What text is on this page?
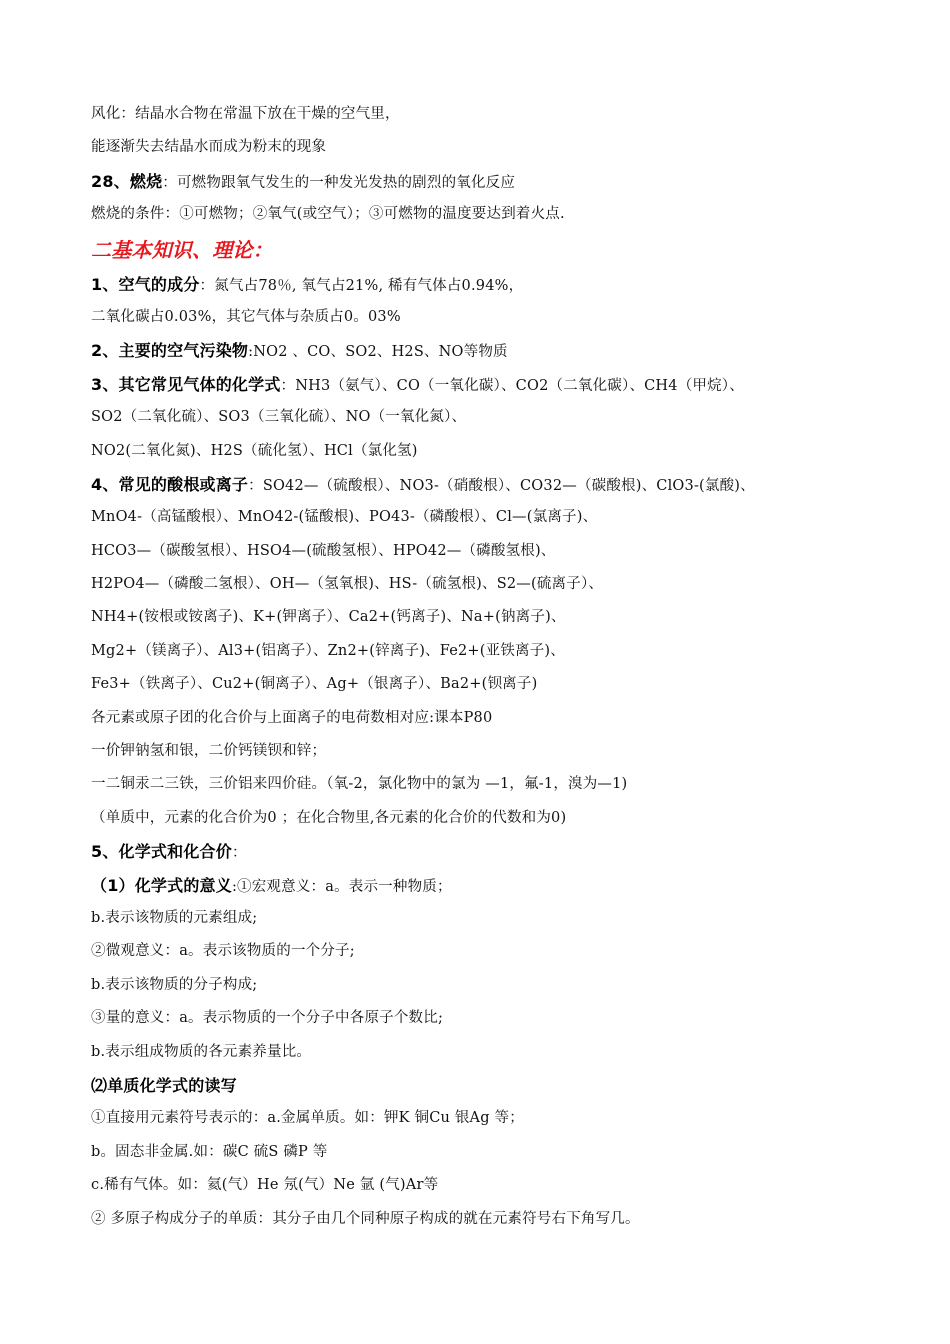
风化：结晶水合物在常温下放在干燥的空气里，
能逐渐失去结晶水而成为粉末的现象
28、燃烧：可燃物跟氧气发生的一种发光发热的剧烈的氧化反应
燃烧的条件：①可燃物；②氧气(或空气）；③可燃物的温度要达到着火点.
二基本知识、理论：
1、空气的成分：氮气占78％, 氧气占21%, 稀有气体占0.94%，
二氧化碳占0.03%，其它气体与杂质占0。03%
2、主要的空气污染物:NO2 、CO、SO2、H2S、NO等物质
3、其它常见气体的化学式：NH3（氨气）、CO（一氧化碳）、CO2（二氧化碳）、CH4（甲烷）、
SO2（二氧化硫）、SO3（三氧化硫）、NO（一氧化氮）、
NO2(二氧化氮)、H2S（硫化氢）、HCl（氯化氢)
4、常见的酸根或离子：SO42—（硫酸根）、NO3-（硝酸根）、CO32—（碳酸根)、ClO3-(氯酸)、
MnO4-（高锰酸根）、MnO42-(锰酸根)、PO43-（磷酸根）、Cl—(氯离子)、
HCO3—（碳酸氢根）、HSO4—(硫酸氢根）、HPO42—（磷酸氢根)、
H2PO4—（磷酸二氢根）、OH—（氢氧根)、HS-（硫氢根)、S2—(硫离子）、
NH4+(铵根或铵离子)、K+(钾离子）、Ca2+(钙离子)、Na+(钠离子)、
Mg2+（镁离子）、Al3+(铝离子）、Zn2+(锌离子)、Fe2+(亚铁离子)、
Fe3+（铁离子）、Cu2+(铜离子）、Ag+（银离子）、Ba2+(钡离子)
各元素或原子团的化合价与上面离子的电荷数相对应:课本P80
一价钾钠氢和银，二价钙镁钡和锌；
一二铜汞二三铁，三价铝来四价硅。（氧-2，氯化物中的氯为 —1，氟-1，溴为—1)
（单质中，元素的化合价为0 ；在化合物里,各元素的化合价的代数和为0)
5、化学式和化合价：
（1）化学式的意义:①宏观意义：a。表示一种物质；
b.表示该物质的元素组成;
②微观意义：a。表示该物质的一个分子;
b.表示该物质的分子构成;
③量的意义：a。表示物质的一个分子中各原子个数比;
b.表示组成物质的各元素养量比。
⑵单质化学式的读写
①直接用元素符号表示的：a.金属单质。如：钾K 铜Cu 银Ag 等；
b。固态非金属.如：碳C 硫S 磷P 等
c.稀有气体。如：氦(气）He 氖(气）Ne 氩 (气)Ar等
② 多原子构成分子的单质：其分子由几个同种原子构成的就在元素符号右下角写几。
